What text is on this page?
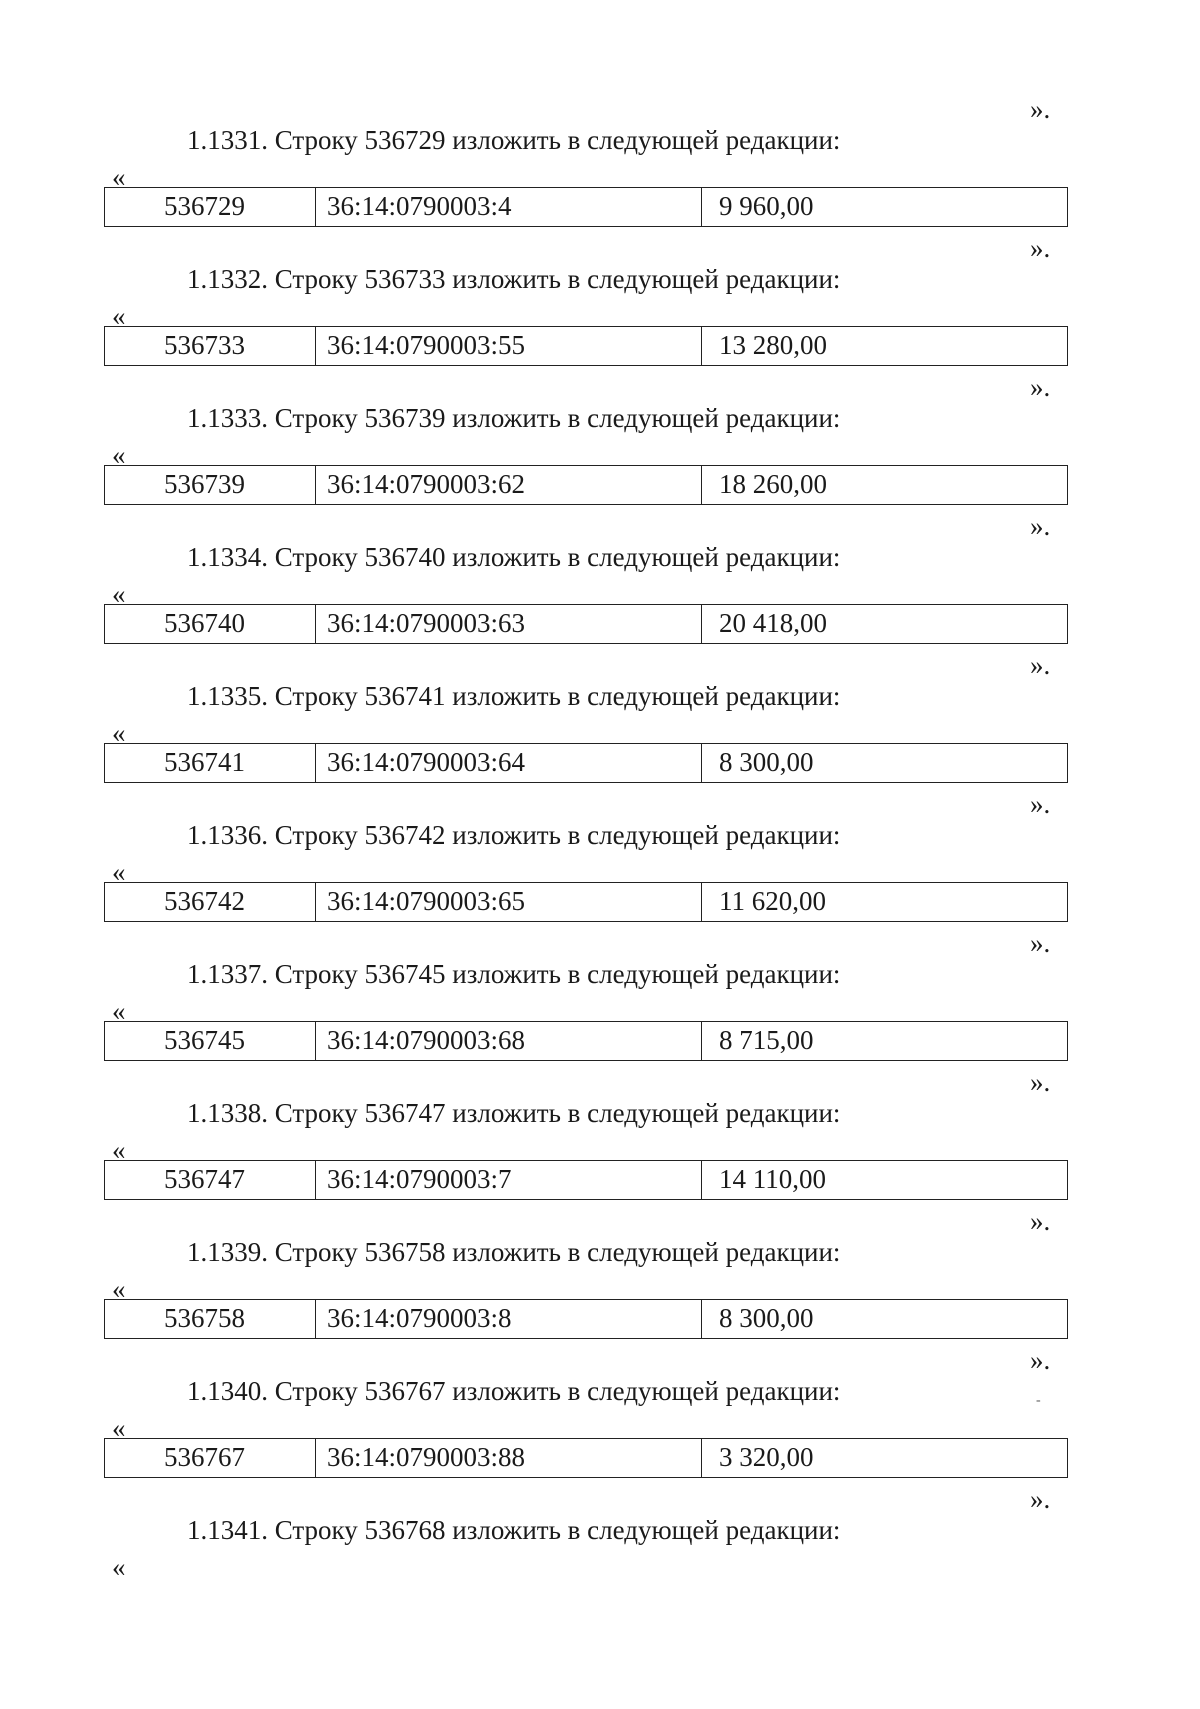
».
1.1331. Строку 536729 изложить в следующей редакции:
«
536729	36:14:0790003:4	9 960,00
».
1.1332. Строку 536733 изложить в следующей редакции:
«
536733	36:14:0790003:55	13 280,00
».
1.1333. Строку 536739 изложить в следующей редакции:
«
536739	36:14:0790003:62	18 260,00
».
1.1334. Строку 536740 изложить в следующей редакции:
«
536740	36:14:0790003:63	20 418,00
».
1.1335. Строку 536741 изложить в следующей редакции:
«
536741	36:14:0790003:64	8 300,00
».
1.1336. Строку 536742 изложить в следующей редакции:
«
536742	36:14:0790003:65	11 620,00
».
1.1337. Строку 536745 изложить в следующей редакции:
«
536745	36:14:0790003:68	8 715,00
».
1.1338. Строку 536747 изложить в следующей редакции:
«
536747	36:14:0790003:7	14 110,00
».
1.1339. Строку 536758 изложить в следующей редакции:
«
536758	36:14:0790003:8	8 300,00
».
1.1340. Строку 536767 изложить в следующей редакции:	-
«
536767	36:14:0790003:88	3 320,00
».
1.1341. Строку 536768 изложить в следующей редакции:
«
